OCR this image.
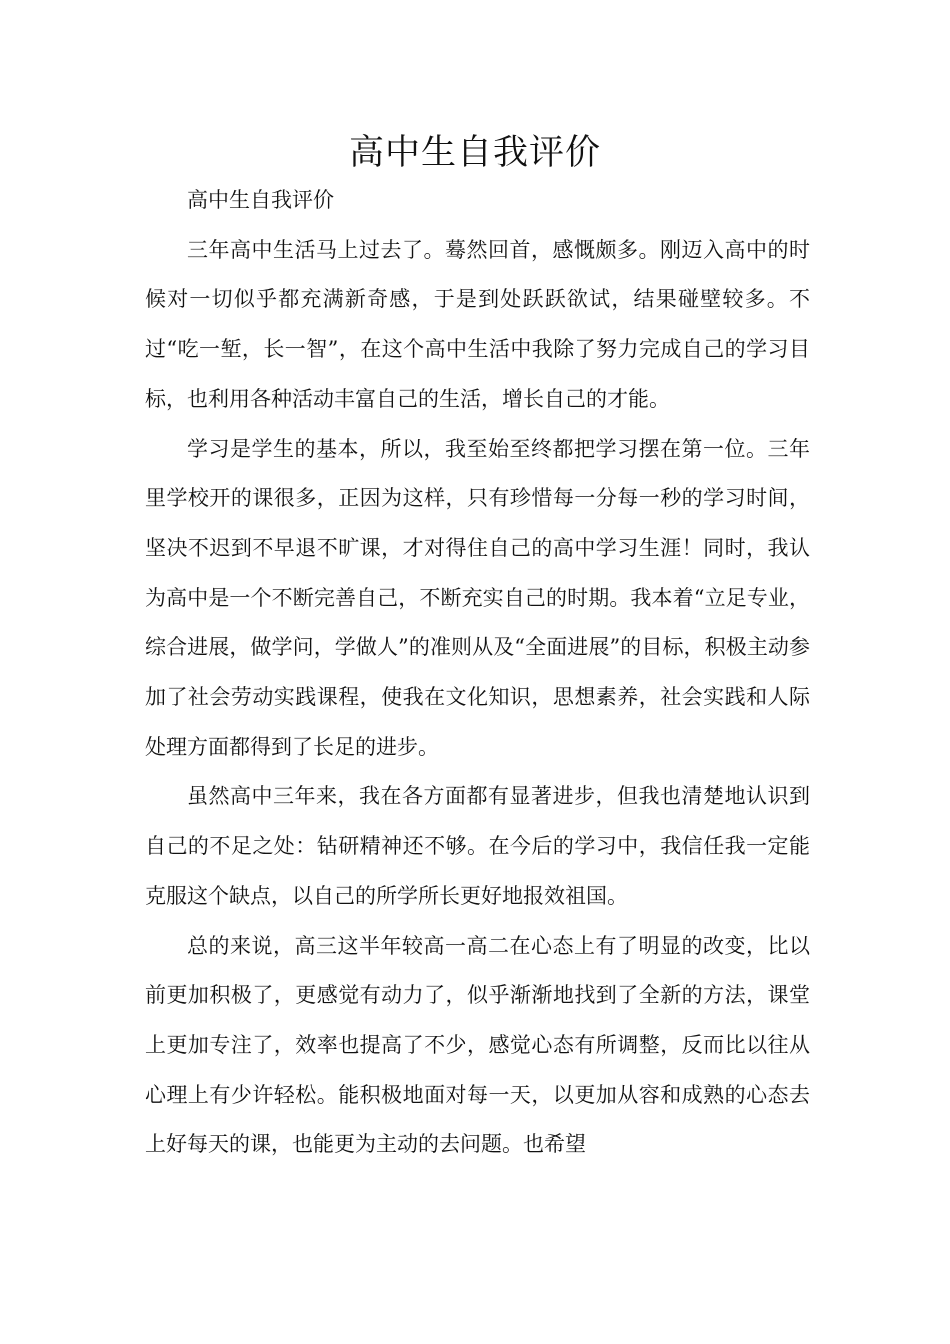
高中生自我评价

高中生自我评价

三年高中生活马上过去了。蓦然回首，感慨颇多。刚迈入高中的时候对一切似乎都充满新奇感，于是到处跃跃欲试，结果碰壁较多。不过“吃一堑，长一智”，在这个高中生活中我除了努力完成自己的学习目标，也利用各种活动丰富自己的生活，增长自己的才能。

学习是学生的基本，所以，我至始至终都把学习摆在第一位。三年里学校开的课很多，正因为这样，只有珍惜每一分每一秒的学习时间，坚决不迟到不早退不旷课，才对得住自己的高中学习生涯！同时，我认为高中是一个不断完善自己，不断充实自己的时期。我本着“立足专业，综合进展，做学问，学做人”的准则从及“全面进展”的目标，积极主动参加了社会劳动实践课程，使我在文化知识，思想素养，社会实践和人际处理方面都得到了长足的进步。

虽然高中三年来，我在各方面都有显著进步，但我也清楚地认识到自己的不足之处：钻研精神还不够。在今后的学习中，我信任我一定能克服这个缺点，以自己的所学所长更好地报效祖国。

总的来说，高三这半年较高一高二在心态上有了明显的改变，比以前更加积极了，更感觉有动力了，似乎渐渐地找到了全新的方法，课堂上更加专注了，效率也提高了不少，感觉心态有所调整，反而比以往从心理上有少许轻松。能积极地面对每一天，以更加从容和成熟的心态去上好每天的课，也能更为主动的去问题。也希望
